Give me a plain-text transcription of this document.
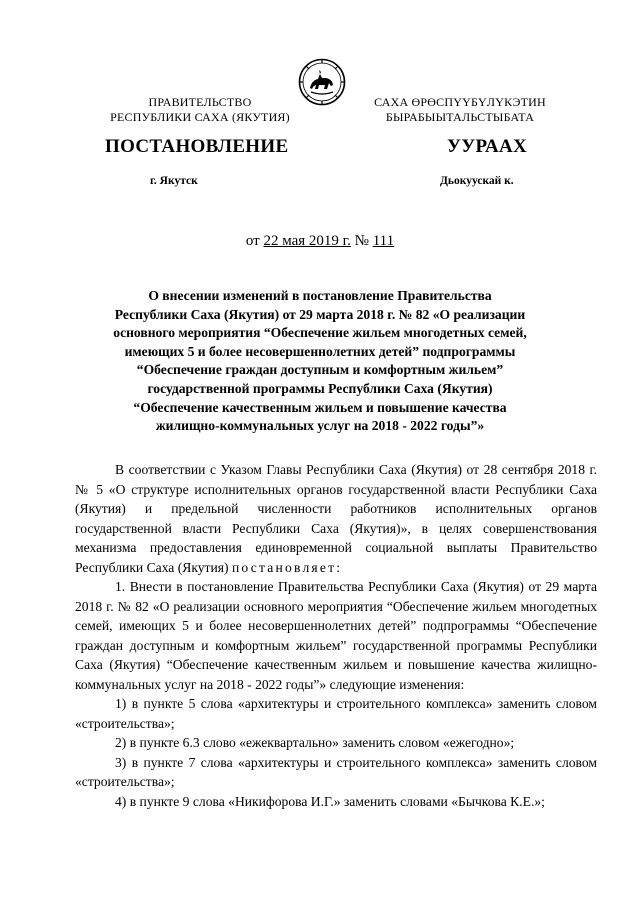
ПРАВИТЕЛЬСТВО
РЕСПУБЛИКИ САХА (ЯКУТИЯ)
САХА ӨРӨСПҮҮБҮЛҮКЭТИН
БЫРАБЫЫТАЛЬСТЫБАТА
ПОСТАНОВЛЕНИЕ	УУРААХ
г. Якутск	Дьокуускай к.
от 22 мая 2019 г. № 111
О внесении изменений в постановление Правительства
Республики Саха (Якутия) от 29 марта 2018 г. № 82 «О реализации
основного мероприятия “Обеспечение жильем многодетных семей,
имеющих 5 и более несовершеннолетних детей” подпрограммы
“Обеспечение граждан доступным и комфортным жильем”
государственной программы Республики Саха (Якутия)
“Обеспечение качественным жильем и повышение качества
жилищно-коммунальных услуг на 2018 - 2022 годы”»

В соответствии с Указом Главы Республики Саха (Якутия) от 28 сентября 2018 г. № 5 «О структуре исполнительных органов государственной власти Республики Саха (Якутия) и предельной численности работников исполнительных органов государственной власти Республики Саха (Якутия)», в целях совершенствования механизма предоставления единовременной социальной выплаты Правительство Республики Саха (Якутия) постановляет:

1. Внести в постановление Правительства Республики Саха (Якутия) от 29 марта 2018 г. № 82 «О реализации основного мероприятия “Обеспечение жильем многодетных семей, имеющих 5 и более несовершеннолетних детей” подпрограммы “Обеспечение граждан доступным и комфортным жильем” государственной программы Республики Саха (Якутия) “Обеспечение качественным жильем и повышение качества жилищно-коммунальных услуг на 2018 - 2022 годы”» следующие изменения:

1) в пункте 5 слова «архитектуры и строительного комплекса» заменить словом «строительства»;

2) в пункте 6.3 слово «ежеквартально» заменить словом «ежегодно»;

3) в пункте 7 слова «архитектуры и строительного комплекса» заменить словом «строительства»;

4) в пункте 9 слова «Никифорова И.Г.» заменить словами «Бычкова К.Е.»;
